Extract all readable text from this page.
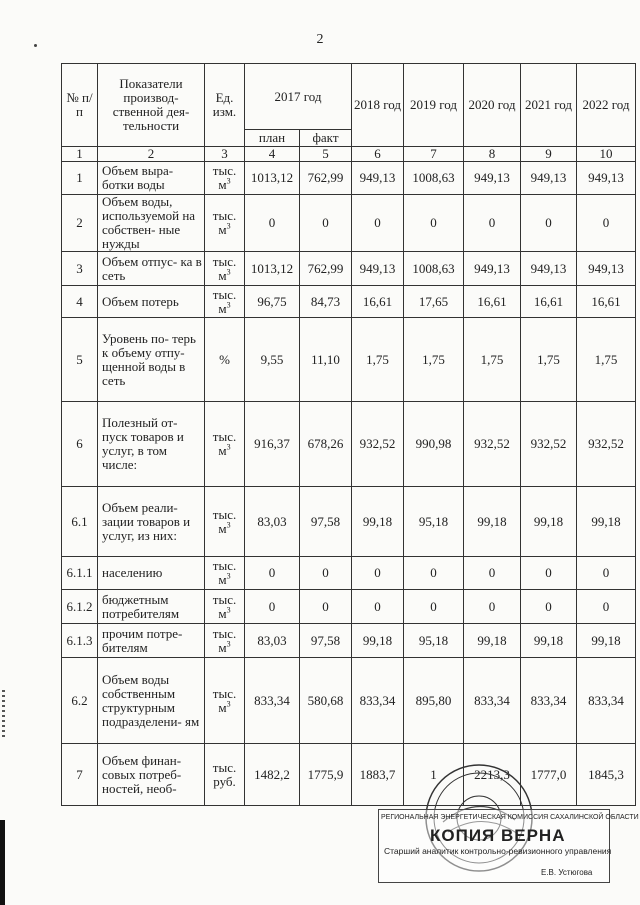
2
№ п/п	Показатели производ- ственной дея- тельности	Ед. изм.	2017 год		2018 год	2019 год	2020 год	2021 год	2022 год
			план	факт					
1	2	3	4	5	6	7	8	9	10
1	Объем выра- ботки воды	тыс. $м^3$	1013,12	762,99	949,13	1008,63	949,13	949,13	949,13
2	Объем воды, используемой на собствен- ные нужды	тыс. $м^3$	0	0	0	0	0	0	0
3	Объем отпус- ка в сеть	тыс. $м^3$	1013,12	762,99	949,13	1008,63	949,13	949,13	949,13
4	Объем потерь	тыс. $м^3$	96,75	84,73	16,61	17,65	16,61	16,61	16,61
5	Уровень по- терь к объему отпу- щенной воды в сеть	%	9,55	11,10	1,75	1,75	1,75	1,75	1,75
6	Полезный от- пуск товаров и услуг, в том числе:	тыс. $м^3$	916,37	678,26	932,52	990,98	932,52	932,52	932,52
6.1	Объем реали- зации товаров и услуг, из них:	тыс. $м^3$	83,03	97,58	99,18	95,18	99,18	99,18	99,18
6.1.1	населению	тыс. $м^3$	0	0	0	0	0	0	0
6.1.2	бюджетным потребителям	тыс. $м^3$	0	0	0	0	0	0	0
6.1.3	прочим потре- бителям	тыс. $м^3$	83,03	97,58	99,18	95,18	99,18	99,18	99,18
6.2	Объем воды собственным структурным подразделени- ям	тыс. $м^3$	833,34	580,68	833,34	895,80	833,34	833,34	833,34
7	Объем финан- совых потреб- ностей, необ-	тыс. руб.	1482,2	1775,9	1883,7	1	2213,3	1777,0	1845,3
РЕГИОНАЛЬНАЯ ЭНЕРГЕТИЧЕСКАЯ КОМИССИЯ САХАЛИНСКОЙ ОБЛАСТИ
КОПИЯ ВЕРНА
Старший аналитик контрольно-ревизионного управления
Е.В. Устюгова
